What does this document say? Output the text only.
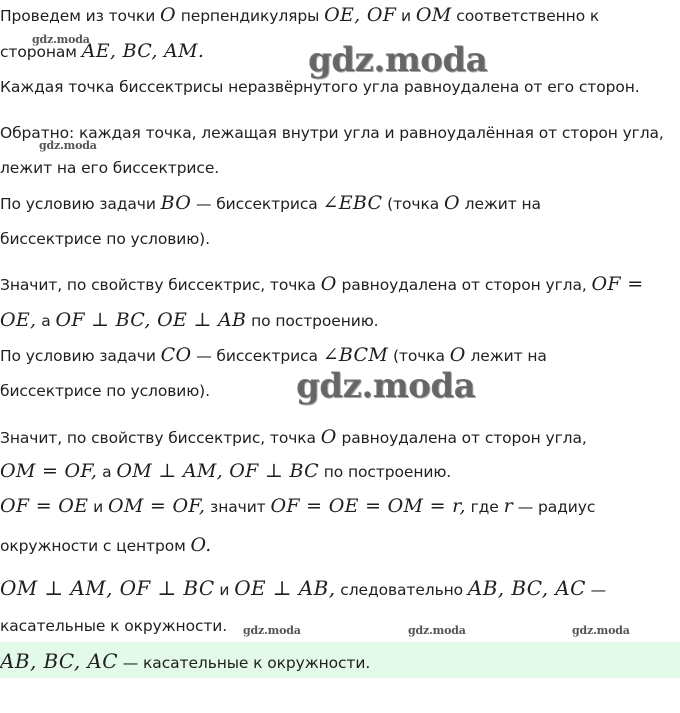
Проведем из точки O перпендикуляры OE, OF и OM соответственно к
сторонам AE, BC, AM.
Каждая точка биссектрисы неразвёрнутого угла равноудалена от его сторон.
Обратно: каждая точка, лежащая внутри угла и равноудалённая от сторон угла,
лежит на его биссектрисе.
По условию задачи BO — биссектриса ∠EBC (точка O лежит на
биссектрисе по условию).
Значит, по свойству биссектрис, точка O равноудалена от сторон угла, OF =
OE, а OF ⊥ BC, OE ⊥ AB по построению.
По условию задачи CO — биссектриса ∠BCM (точка O лежит на
биссектрисе по условию).
Значит, по свойству биссектрис, точка O равноудалена от сторон угла,
OM = OF, а OM ⊥ AM, OF ⊥ BC по построению.
OF = OE и OM = OF, значит OF = OE = OM = r, где r — радиус
окружности с центром O.
OM ⊥ AM, OF ⊥ BC и OE ⊥ AB, следовательно AB, BC, AC —
касательные к окружности.
AB, BC, AC — касательные к окружности.
gdz.moda
gdz.moda
gdz.moda
gdz.moda
gdz.moda	gdz.moda	gdz.moda
